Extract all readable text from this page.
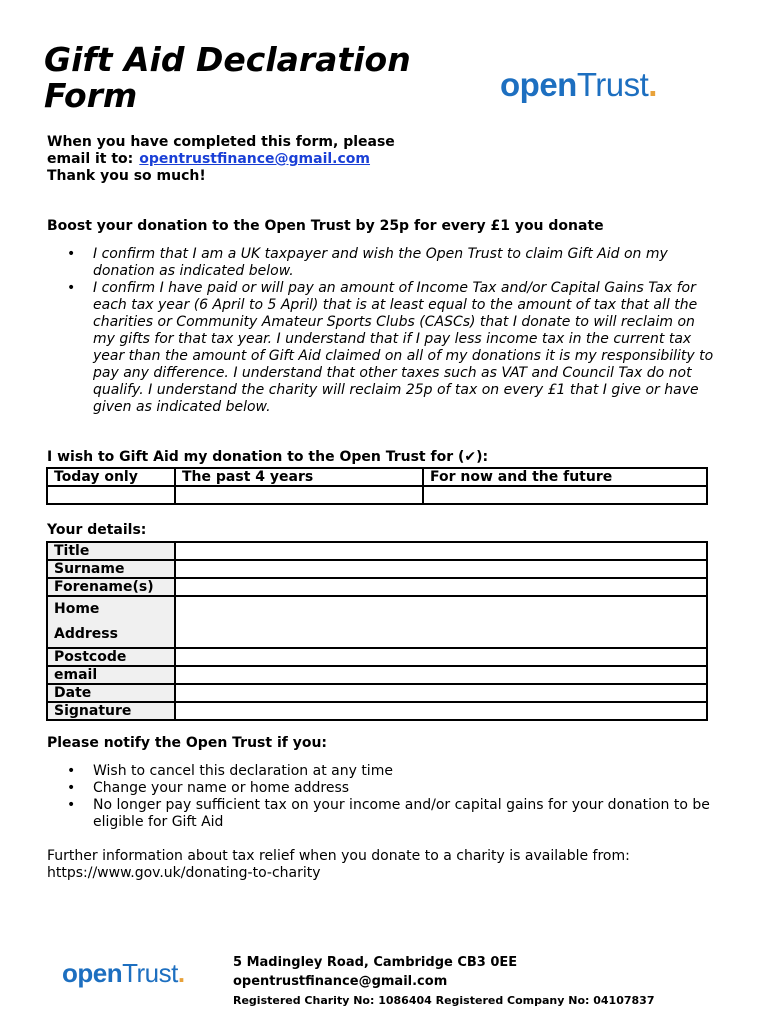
Gift Aid Declaration Form	openTrust.
When you have completed this form, please
email it to: opentrustfinance@gmail.com
Thank you so much!
Boost your donation to the Open Trust by 25p for every £1 you donate
• I confirm that I am a UK taxpayer and wish the Open Trust to claim Gift Aid on my donation as indicated below.
• I confirm I have paid or will pay an amount of Income Tax and/or Capital Gains Tax for each tax year (6 April to 5 April) that is at least equal to the amount of tax that all the charities or Community Amateur Sports Clubs (CASCs) that I donate to will reclaim on my gifts for that tax year. I understand that if I pay less income tax in the current tax year than the amount of Gift Aid claimed on all of my donations it is my responsibility to pay any difference. I understand that other taxes such as VAT and Council Tax do not qualify. I understand the charity will reclaim 25p of tax on every £1 that I give or have given as indicated below.
I wish to Gift Aid my donation to the Open Trust for (✔):
Today only	The past 4 years	For now and the future

Your details:
Title	
Surname	
Forename(s)	
Home Address	
Postcode	
email	
Date	
Signature	
Please notify the Open Trust if you:
• Wish to cancel this declaration at any time
• Change your name or home address
• No longer pay sufficient tax on your income and/or capital gains for your donation to be eligible for Gift Aid
Further information about tax relief when you donate to a charity is available from:
https://www.gov.uk/donating-to-charity
openTrust.	5 Madingley Road, Cambridge CB3 0EE
opentrustfinance@gmail.com
Registered Charity No: 1086404 Registered Company No: 04107837
